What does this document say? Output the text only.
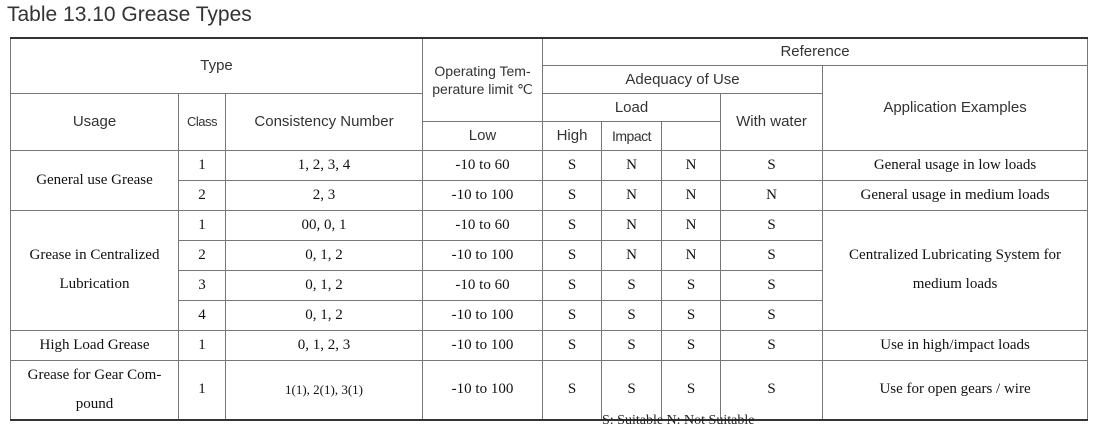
Table 13.10 Grease Types
Type			Operating Tem-perature limit ℃	Reference				
				Adequacy of Use				Application Examples
Usage	Class	Consistency Number		Load			With water	
			Low	High	Impact			
General use Grease	1	1, 2, 3, 4	-10 to 60	S	N	N	S	General usage in low loads
	2	2, 3	-10 to 100	S	N	N	N	General usage in medium loads
Grease in Centralized Lubrication	1	00, 0, 1	-10 to 60	S	N	N	S	Centralized Lubricating System for medium loads
	2	0, 1, 2	-10 to 100	S	N	N	S	
	3	0, 1, 2	-10 to 60	S	S	S	S	
	4	0, 1, 2	-10 to 100	S	S	S	S	
High Load Grease	1	0, 1, 2, 3	-10 to 100	S	S	S	S	Use in high/impact loads
Grease for Gear Com-pound	1	1(1), 2(1), 3(1)	-10 to 100	S	S	S	S	Use for open gears / wire
S: Suitable N: Not Suitable
